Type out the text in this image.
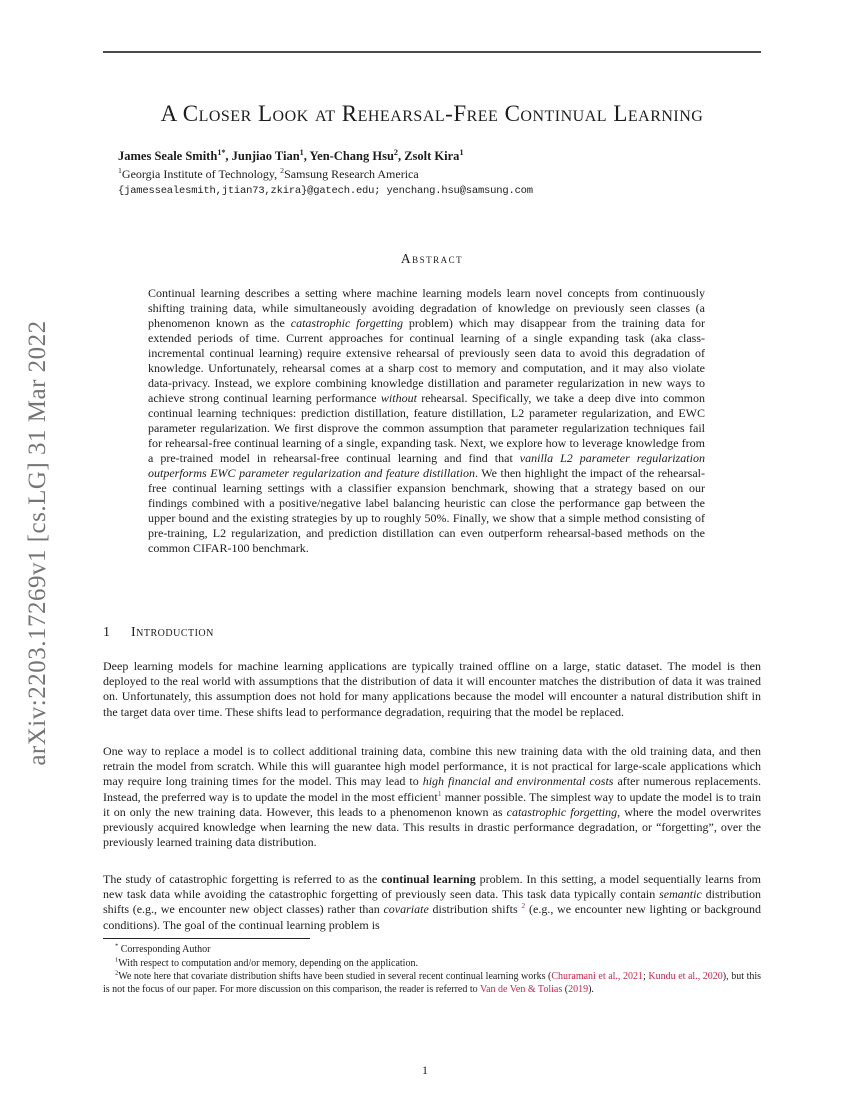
arXiv:2203.17269v1 [cs.LG] 31 Mar 2022
A Closer Look at Rehearsal-Free Continual Learning
James Seale Smith$^{1*}$, Junjiao Tian$^1$, Yen-Chang Hsu$^2$, Zsolt Kira$^1$
$^1$Georgia Institute of Technology, $^2$Samsung Research America
{jamessealesmith,jtian73,zkira}@gatech.edu; yenchang.hsu@samsung.com
Abstract
Continual learning describes a setting where machine learning models learn novel concepts from continuously shifting training data, while simultaneously avoiding degradation of knowledge on previously seen classes (a phenomenon known as the catastrophic forgetting problem) which may disappear from the training data for extended periods of time. Current approaches for continual learning of a single expanding task (aka class-incremental continual learning) require extensive rehearsal of previously seen data to avoid this degradation of knowledge. Unfortunately, rehearsal comes at a sharp cost to memory and computation, and it may also violate data-privacy. Instead, we explore combining knowledge distillation and parameter regularization in new ways to achieve strong continual learning performance without rehearsal. Specifically, we take a deep dive into common continual learning techniques: prediction distillation, feature distillation, L2 parameter regularization, and EWC parameter regularization. We first disprove the common assumption that parameter regularization techniques fail for rehearsal-free continual learning of a single, expanding task. Next, we explore how to leverage knowledge from a pre-trained model in rehearsal-free continual learning and find that vanilla L2 parameter regularization outperforms EWC parameter regularization and feature distillation. We then highlight the impact of the rehearsal-free continual learning settings with a classifier expansion benchmark, showing that a strategy based on our findings combined with a positive/negative label balancing heuristic can close the performance gap between the upper bound and the existing strategies by up to roughly 50%. Finally, we show that a simple method consisting of pre-training, L2 regularization, and prediction distillation can even outperform rehearsal-based methods on the common CIFAR-100 benchmark.
1 Introduction
Deep learning models for machine learning applications are typically trained offline on a large, static dataset. The model is then deployed to the real world with assumptions that the distribution of data it will encounter matches the distribution of data it was trained on. Unfortunately, this assumption does not hold for many applications because the model will encounter a natural distribution shift in the target data over time. These shifts lead to performance degradation, requiring that the model be replaced.
One way to replace a model is to collect additional training data, combine this new training data with the old training data, and then retrain the model from scratch. While this will guarantee high model performance, it is not practical for large-scale applications which may require long training times for the model. This may lead to high financial and environmental costs after numerous replacements. Instead, the preferred way is to update the model in the most efficient$^1$ manner possible. The simplest way to update the model is to train it on only the new training data. However, this leads to a phenomenon known as catastrophic forgetting, where the model overwrites previously acquired knowledge when learning the new data. This results in drastic performance degradation, or “forgetting”, over the previously learned training data distribution.
The study of catastrophic forgetting is referred to as the continual learning problem. In this setting, a model sequentially learns from new task data while avoiding the catastrophic forgetting of previously seen data. This task data typically contain semantic distribution shifts (e.g., we encounter new object classes) rather than covariate distribution shifts $^2$ (e.g., we encounter new lighting or background conditions). The goal of the continual learning problem is
* Corresponding Author
$^1$With respect to computation and/or memory, depending on the application.
$^2$We note here that covariate distribution shifts have been studied in several recent continual learning works (Churamani et al., 2021; Kundu et al., 2020), but this is not the focus of our paper. For more discussion on this comparison, the reader is referred to Van de Ven & Tolias (2019).
1
